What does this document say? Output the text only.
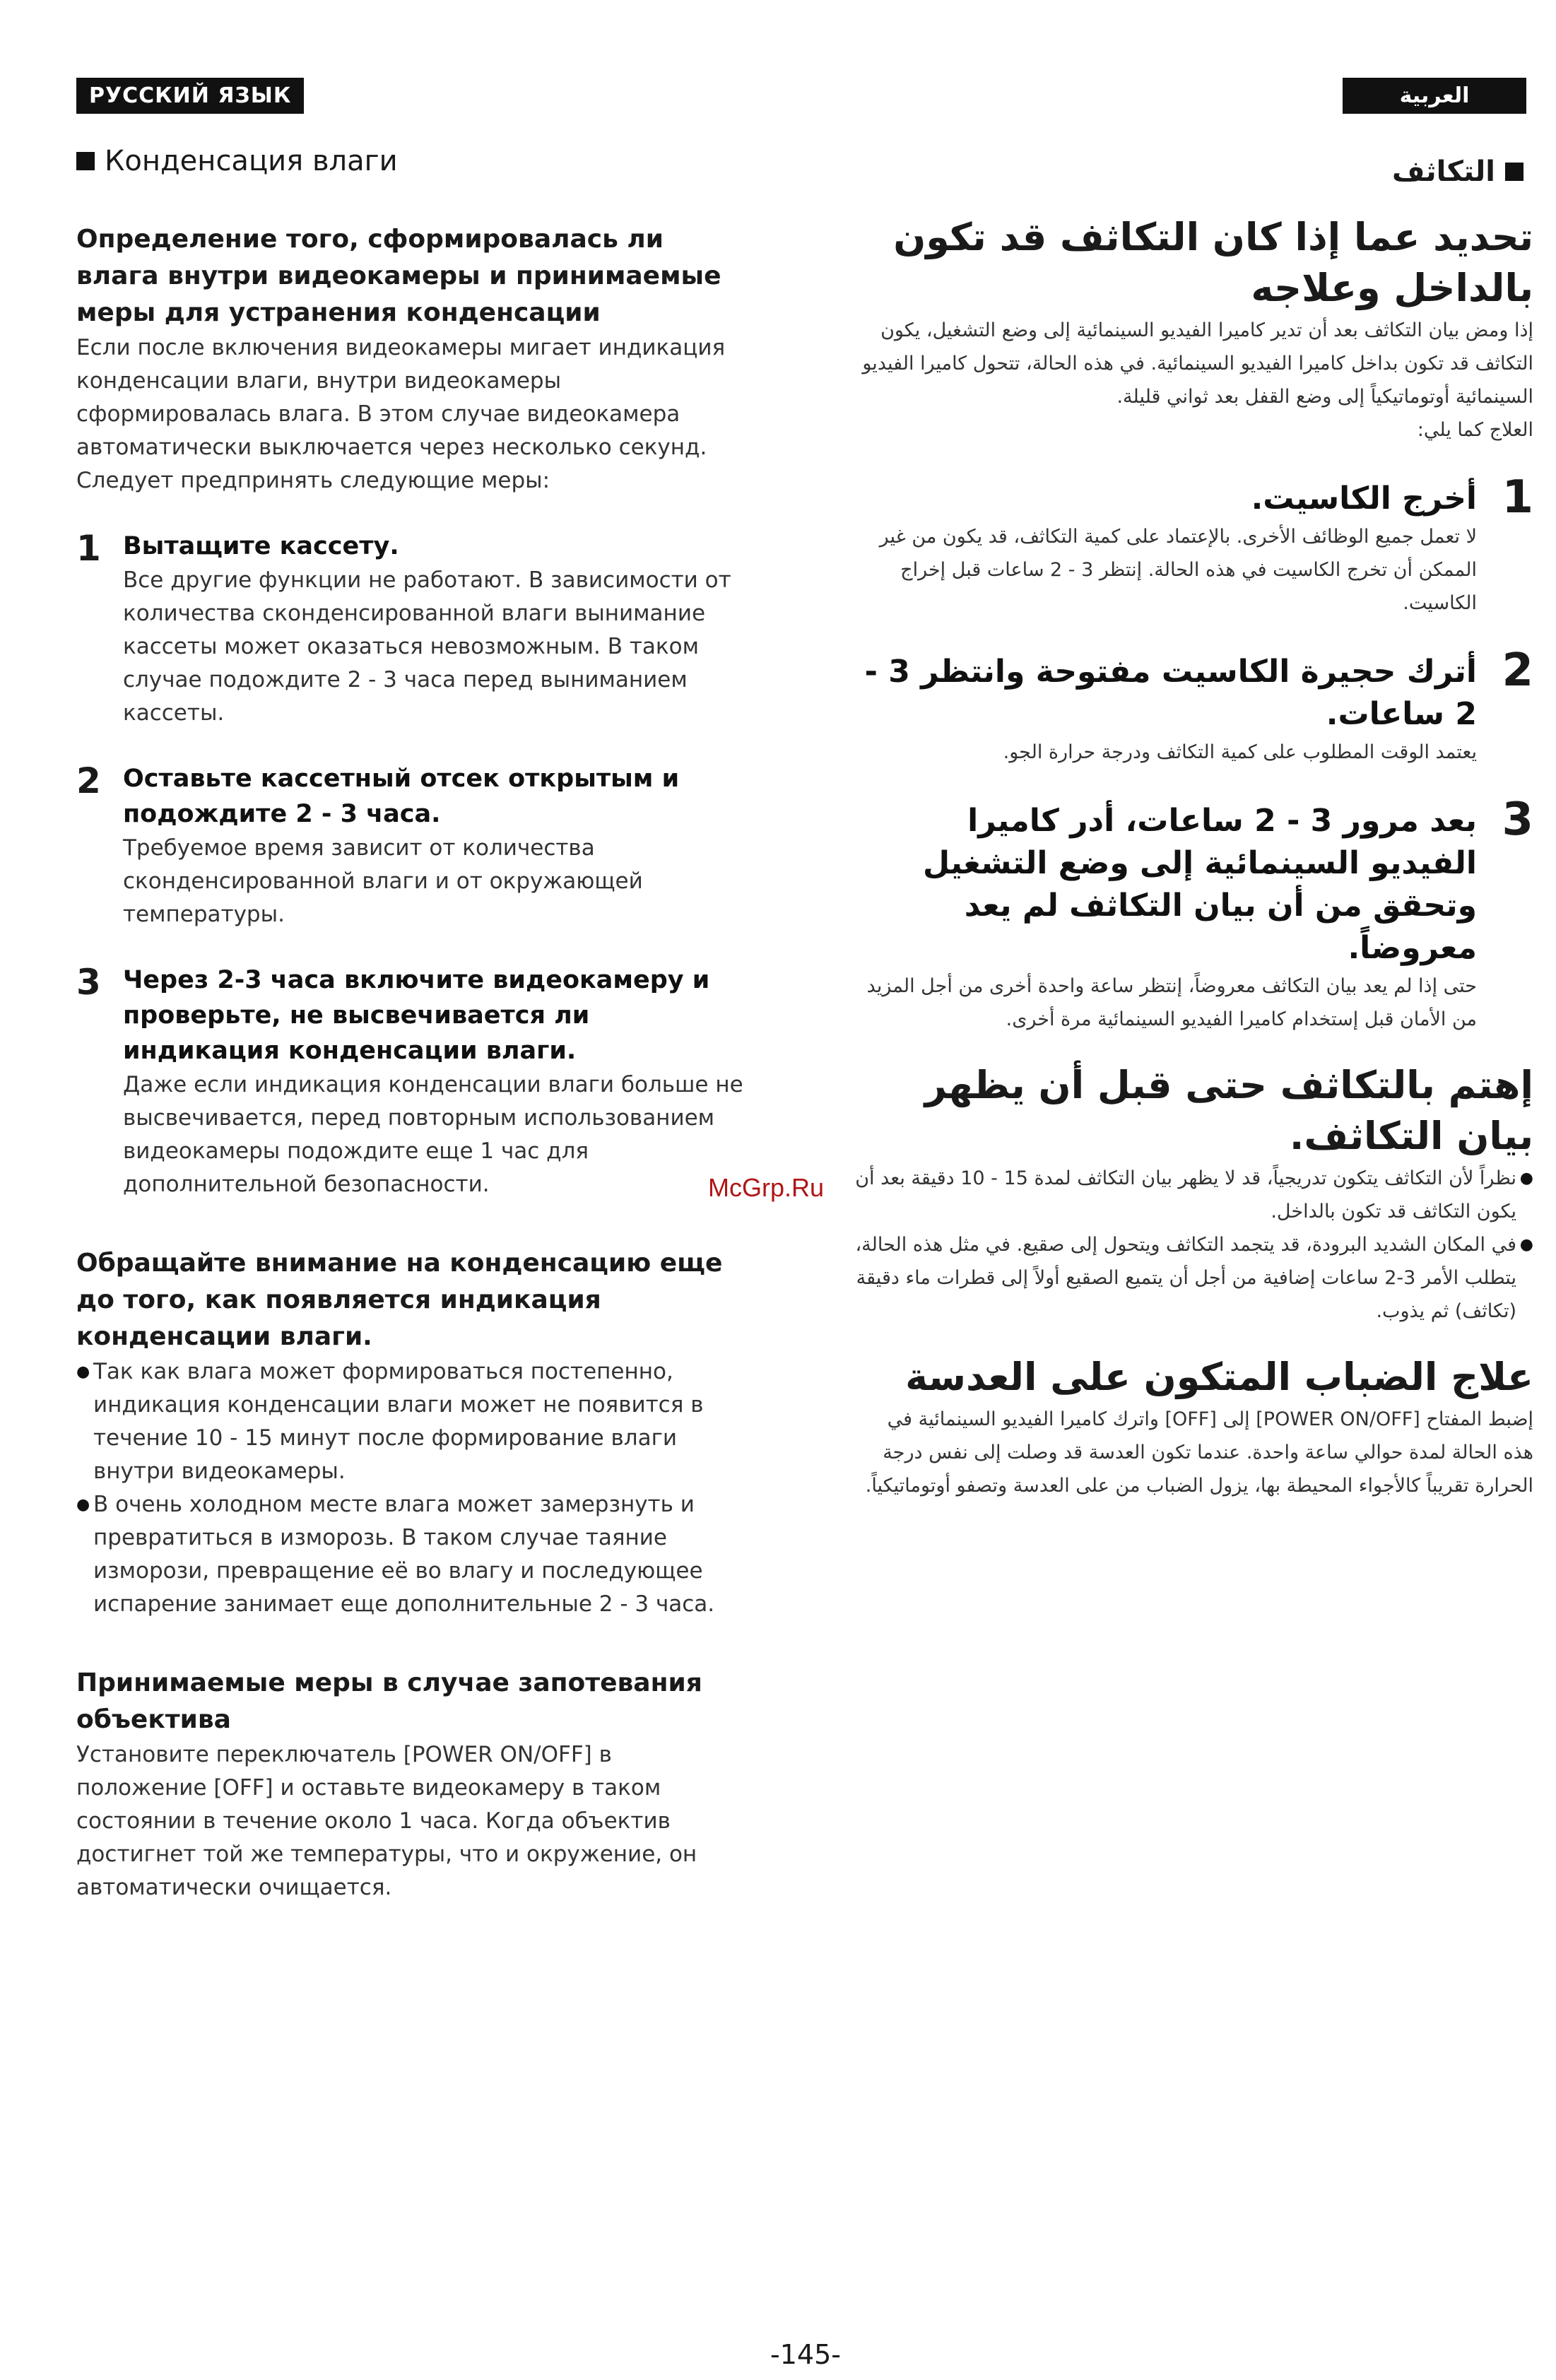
РУССКИЙ ЯЗЫК
Конденсация влаги
Определение того, сформировалась ли влага внутри видеокамеры и принимаемые меры для устранения конденсации

Если после включения видеокамеры мигает индикация конденсации влаги, внутри видеокамеры сформировалась влага. В этом случае видеокамера автоматически выключается через несколько секунд. Следует предпринять следующие меры:

1 Вытащите кассету.

Все другие функции не работают. В зависимости от количества сконденсированной влаги вынимание кассеты может оказаться невозможным. В таком случае подождите 2 - 3 часа перед выниманием кассеты.

2 Оставьте кассетный отсек открытым и подождите 2 - 3 часа.

Требуемое время зависит от количества сконденсированной влаги и от окружающей температуры.

3 Через 2-3 часа включите видеокамеру и проверьте, не высвечивается ли индикация конденсации влаги.

Даже если индикация конденсации влаги больше не высвечивается, перед повторным использованием видеокамеры подождите еще 1 час для дополнительной безопасности.

Обращайте внимание на конденсацию еще до того, как появляется индикация конденсации влаги.
● Так как влага может формироваться постепенно, индикация конденсации влаги может не появится в течение 10 - 15 минут после формирование влаги внутри видеокамеры.
● В очень холодном месте влага может замерзнуть и превратиться в изморозь. В таком случае таяние изморози, превращение её во влагу и последующее испарение занимает еще дополнительные 2 - 3 часа.
Принимаемые меры в случае запотевания объектива

Установите переключатель [POWER ON/OFF] в положение [OFF] и оставьте видеокамеру в таком состоянии в течение около 1 часа. Когда объектив достигнет той же температуры, что и окружение, он автоматически очищается.

العربية
التكاثف
تحديد عما إذا كان التكاثف قد تكون بالداخل وعلاجه

إذا ومض بيان التكاثف بعد أن تدير كاميرا الفيديو السينمائية إلى وضع التشغيل، يكون التكاثف قد تكون بداخل كاميرا الفيديو السينمائية. في هذه الحالة، تتحول كاميرا الفيديو السينمائية أوتوماتيكياً إلى وضع القفل بعد ثواني قليلة.

العلاج كما يلي:

1
أخرج الكاسيت.

لا تعمل جميع الوظائف الأخرى. بالإعتماد على كمية التكاثف، قد يكون من غير الممكن أن تخرج الكاسيت في هذه الحالة. إنتظر 3 - 2 ساعات قبل إخراج الكاسيت.

2
أترك حجيرة الكاسيت مفتوحة وانتظر 3 - 2 ساعات.

يعتمد الوقت المطلوب على كمية التكاثف ودرجة حرارة الجو.

3
بعد مرور 3 - 2 ساعات، أدر كاميرا الفيديو السينمائية إلى وضع التشغيل وتحقق من أن بيان التكاثف لم يعد معروضاً.

حتى إذا لم يعد بيان التكاثف معروضاً، إنتظر ساعة واحدة أخرى من أجل المزيد من الأمان قبل إستخدام كاميرا الفيديو السينمائية مرة أخرى.

إهتم بالتكاثف حتى قبل أن يظهر بيان التكاثف.
● نظراً لأن التكاثف يتكون تدريجياً، قد لا يظهر بيان التكاثف لمدة 15 - 10 دقيقة بعد أن يكون التكاثف قد تكون بالداخل.
● في المكان الشديد البرودة، قد يتجمد التكاثف ويتحول إلى صقيع. في مثل هذه الحالة، يتطلب الأمر 3-2 ساعات إضافية من أجل أن يتميع الصقيع أولاً إلى قطرات ماء دقيقة (تكاثف) ثم يذوب.
علاج الضباب المتكون على العدسة

إضبط المفتاح [POWER ON/OFF] إلى [OFF] واترك كاميرا الفيديو السينمائية في هذه الحالة لمدة حوالي ساعة واحدة. عندما تكون العدسة قد وصلت إلى نفس درجة الحرارة تقريباً كالأجواء المحيطة بها، يزول الضباب من على العدسة وتصفو أوتوماتيكياً.

McGrp.Ru
-145-
